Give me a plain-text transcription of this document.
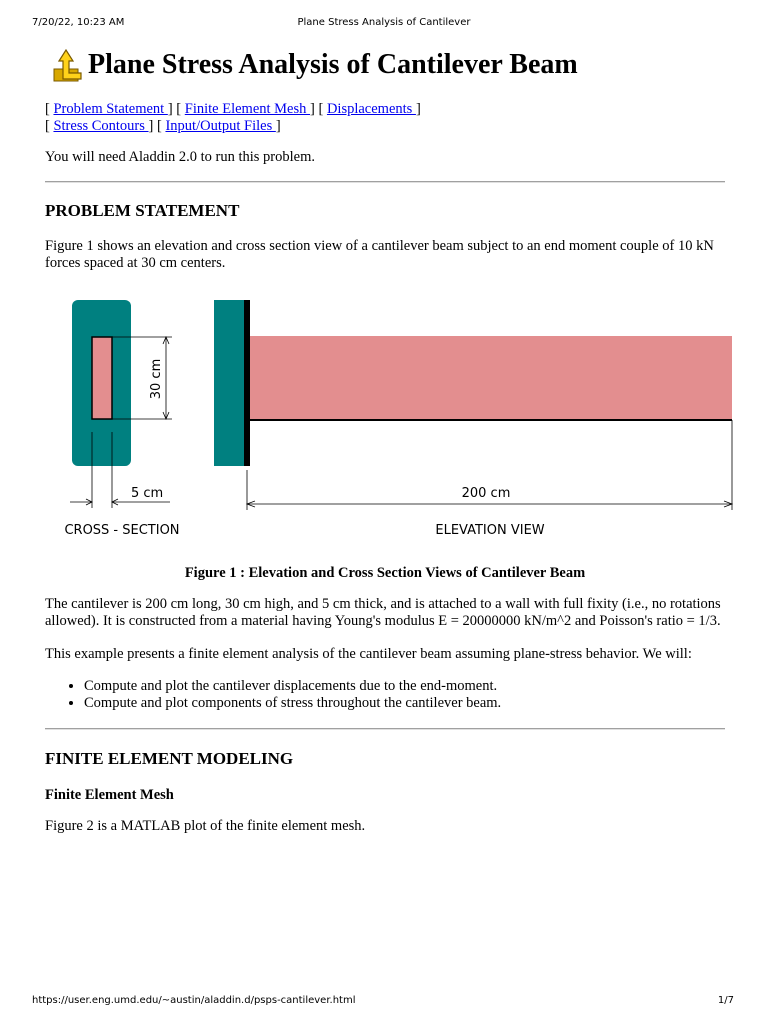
7/20/22, 10:23 AM	Plane Stress Analysis of Cantilever
Plane Stress Analysis of Cantilever Beam
[ Problem Statement ] [ Finite Element Mesh ] [ Displacements ]
[ Stress Contours ] [ Input/Output Files ]

You will need Aladdin 2.0 to run this problem.

PROBLEM STATEMENT

Figure 1 shows an elevation and cross section view of a cantilever beam subject to an end moment couple of 10 kN forces spaced at 30 cm centers.

30 cm
5 cm	200 cm
CROSS - SECTION	ELEVATION VIEW
Figure 1 : Elevation and Cross Section Views of Cantilever Beam

The cantilever is 200 cm long, 30 cm high, and 5 cm thick, and is attached to a wall with full fixity (i.e., no rotations allowed). It is constructed from a material having Young's modulus E = 20000000 kN/m^2 and Poisson's ratio = 1/3.

This example presents a finite element analysis of the cantilever beam assuming plane-stress behavior. We will:

• Compute and plot the cantilever displacements due to the end-moment.
• Compute and plot components of stress throughout the cantilever beam.
FINITE ELEMENT MODELING
Finite Element Mesh

Figure 2 is a MATLAB plot of the finite element mesh.

https://user.eng.umd.edu/~austin/aladdin.d/psps-cantilever.html	1/7
